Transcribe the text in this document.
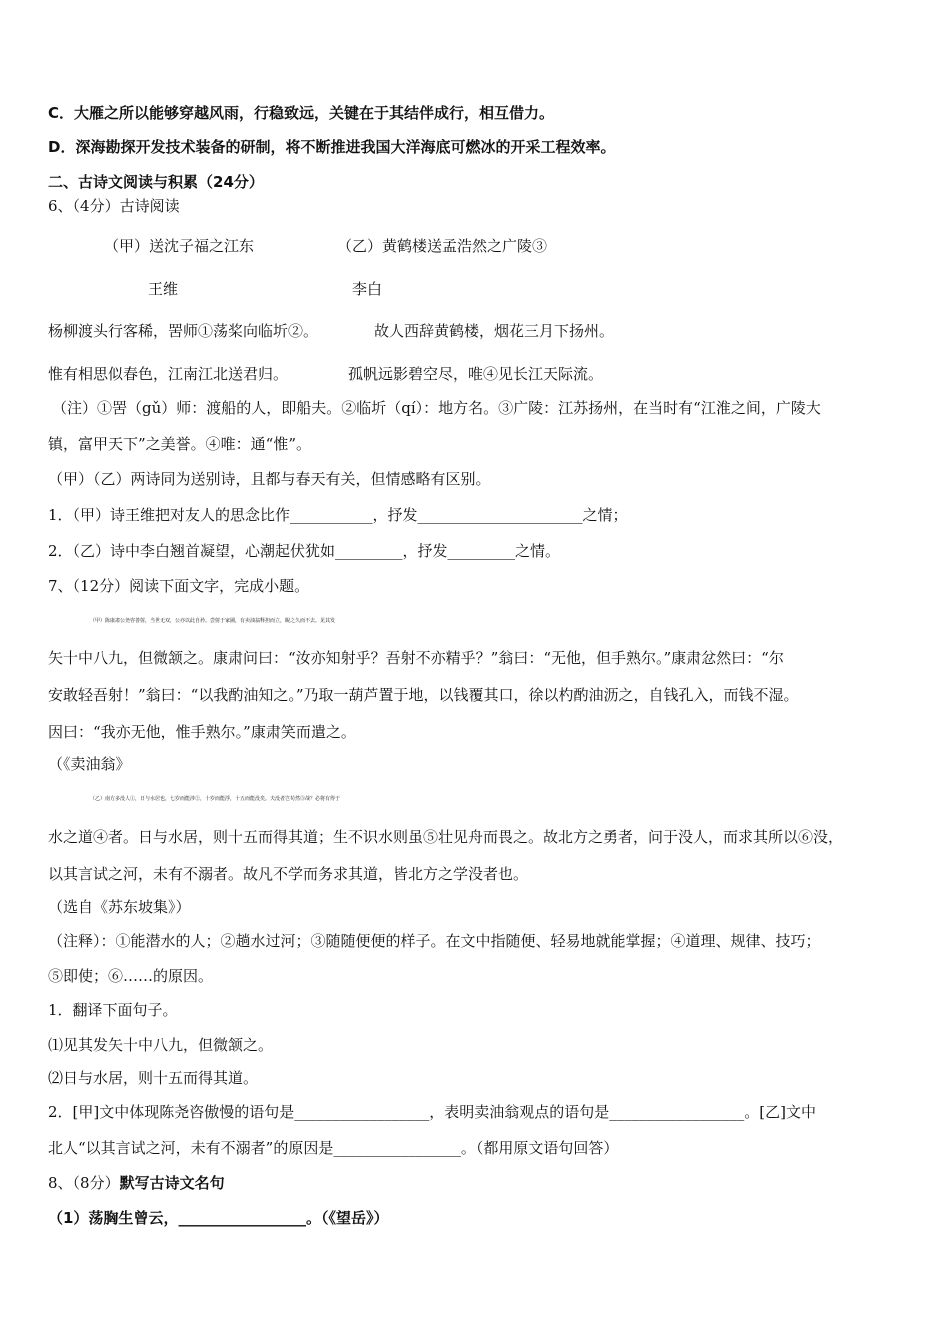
C．大雁之所以能够穿越风雨，行稳致远，关键在于其结伴成行，相互借力。

D．深海勘探开发技术装备的研制，将不断推进我国大洋海底可燃冰的开采工程效率。

二、古诗文阅读与积累（24分）

6、（4分）古诗阅读

（甲）送沈子福之江东	（乙）黄鹤楼送孟浩然之广陵③
王维	李白
杨柳渡头行客稀，罟师①荡桨向临圻②。	故人西辞黄鹤楼，烟花三月下扬州。
惟有相思似春色，江南江北送君归。	孤帆远影碧空尽，唯④见长江天际流。

（注）①罟（gǔ）师：渡船的人，即船夫。②临圻（qí）：地方名。③广陵：江苏扬州，在当时有“江淮之间，广陵大

镇，富甲天下”之美誉。④唯：通“惟”。

（甲）（乙）两诗同为送别诗，且都与春天有关，但情感略有区别。

1．（甲）诗王维把对友人的思念比作___________，抒发______________________之情；

2．（乙）诗中李白翘首凝望，心潮起伏犹如_________，抒发_________之情。

7、（12分）阅读下面文字，完成小题。

（甲）陈康肃公尧咨善射，当世无双，公亦以此自矜。尝射于家圃，有卖油翁释担而立，睨之久而不去。见其发

矢十中八九，但微颔之。康肃问曰：“汝亦知射乎？吾射不亦精乎？”翁曰：“无他，但手熟尔。”康肃忿然曰：“尔

安敢轻吾射！”翁曰：“以我酌油知之。”乃取一葫芦置于地，以钱覆其口，徐以杓酌油沥之，自钱孔入，而钱不湿。

因曰：“我亦无他，惟手熟尔。”康肃笑而遣之。

（《卖油翁》

（乙）南方多没人①，日与水居也，七岁而能涉②，十岁而能浮，十五而能没矣。夫没者岂苟然③哉？必将有得于

水之道④者。日与水居，则十五而得其道；生不识水则虽⑤壮见舟而畏之。故北方之勇者，问于没人，而求其所以⑥没，

以其言试之河，未有不溺者。故凡不学而务求其道，皆北方之学没者也。

（选自《苏东坡集》）

（注释）：①能潜水的人；②趟水过河；③随随便便的样子。在文中指随便、轻易地就能掌握；④道理、规律、技巧；

⑤即使；⑥……的原因。

1．翻译下面句子。

⑴见其发矢十中八九，但微颔之。

⑵日与水居，则十五而得其道。

2．[甲]文中体现陈尧咨傲慢的语句是__________________，表明卖油翁观点的语句是__________________。[乙]文中

北人“以其言试之河，未有不溺者”的原因是_________________。（都用原文语句回答）

8、（8分）默写古诗文名句

（1）荡胸生曾云，_________________。（《望岳》）
